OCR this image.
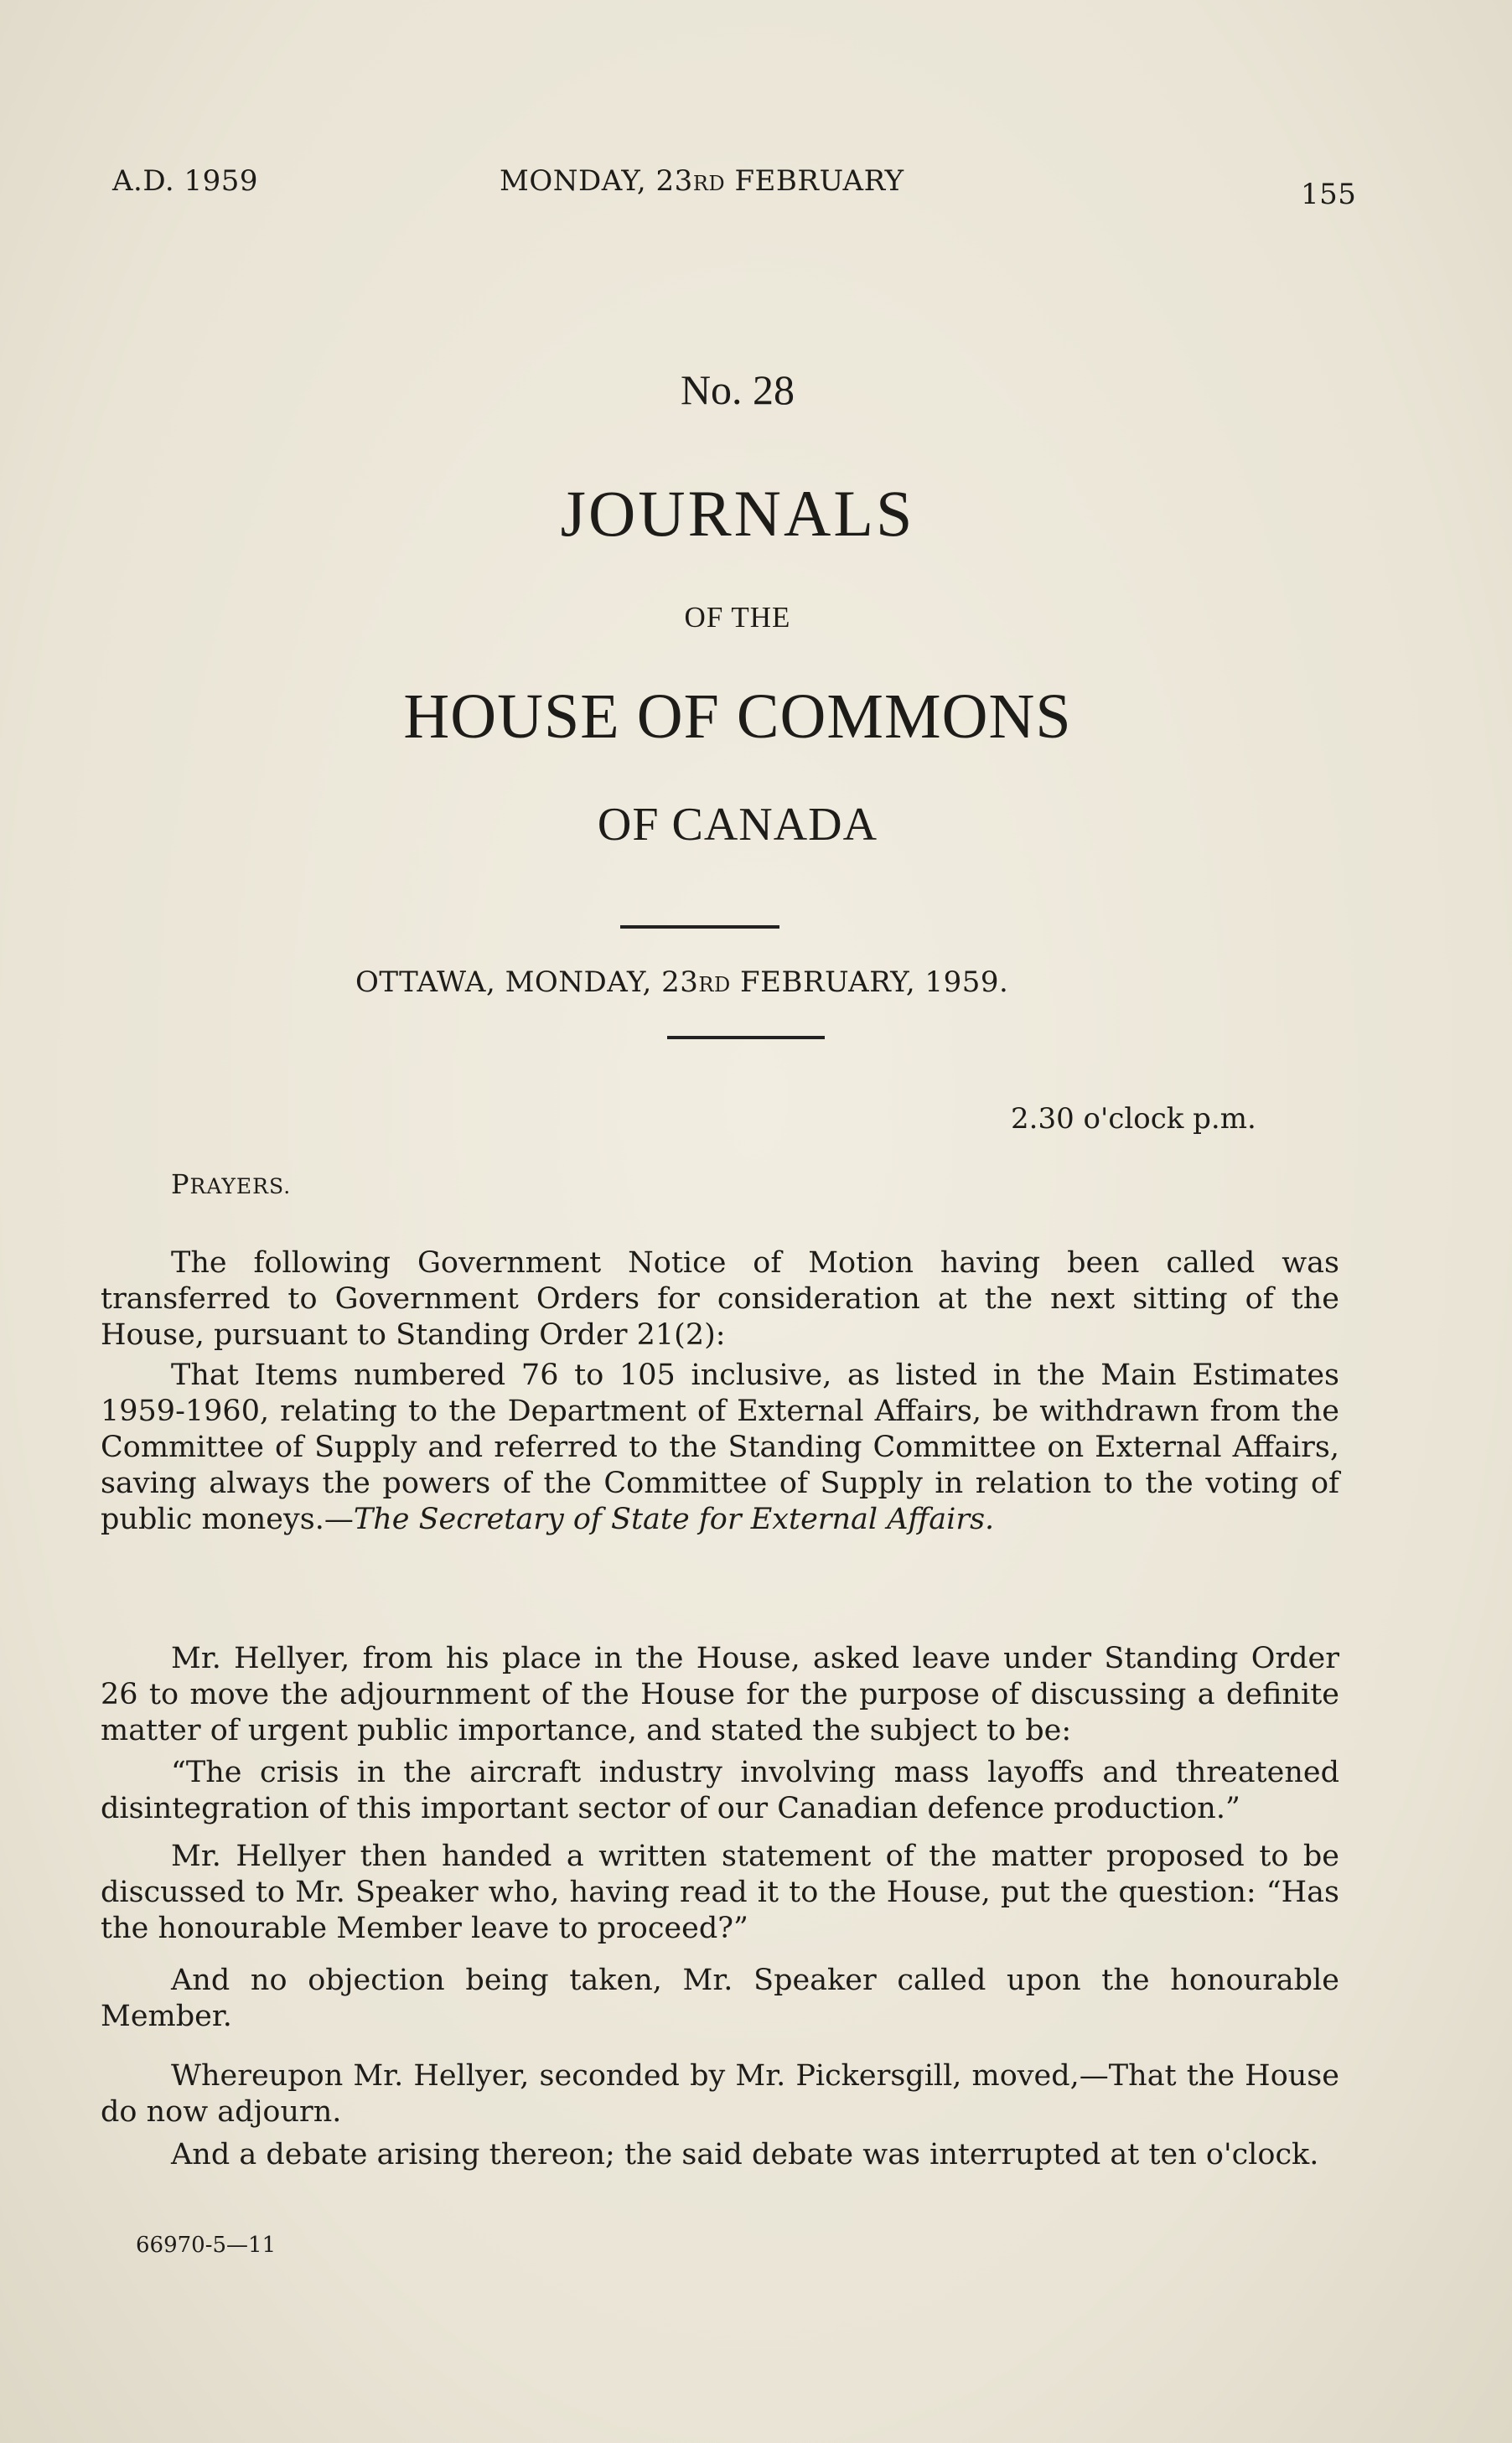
A.D. 1959	MONDAY, 23RD FEBRUARY	155
No. 28
JOURNALS
OF THE
HOUSE OF COMMONS
OF CANADA
OTTAWA, MONDAY, 23RD FEBRUARY, 1959.
2.30 o'clock p.m.
PRAYERS.

The following Government Notice of Motion having been called was transferred to Government Orders for consideration at the next sitting of the House, pursuant to Standing Order 21(2):

That Items numbered 76 to 105 inclusive, as listed in the Main Estimates 1959-1960, relating to the Department of External Affairs, be withdrawn from the Committee of Supply and referred to the Standing Committee on External Affairs, saving always the powers of the Committee of Supply in relation to the voting of public moneys.—The Secretary of State for External Affairs.

Mr. Hellyer, from his place in the House, asked leave under Standing Order 26 to move the adjournment of the House for the purpose of discussing a definite matter of urgent public importance, and stated the subject to be:

“The crisis in the aircraft industry involving mass layoffs and threatened disintegration of this important sector of our Canadian defence production.”

Mr. Hellyer then handed a written statement of the matter proposed to be discussed to Mr. Speaker who, having read it to the House, put the question: “Has the honourable Member leave to proceed?”

And no objection being taken, Mr. Speaker called upon the honourable Member.

Whereupon Mr. Hellyer, seconded by Mr. Pickersgill, moved,—That the House do now adjourn.

And a debate arising thereon; the said debate was interrupted at ten o'clock.

66970-5—11
